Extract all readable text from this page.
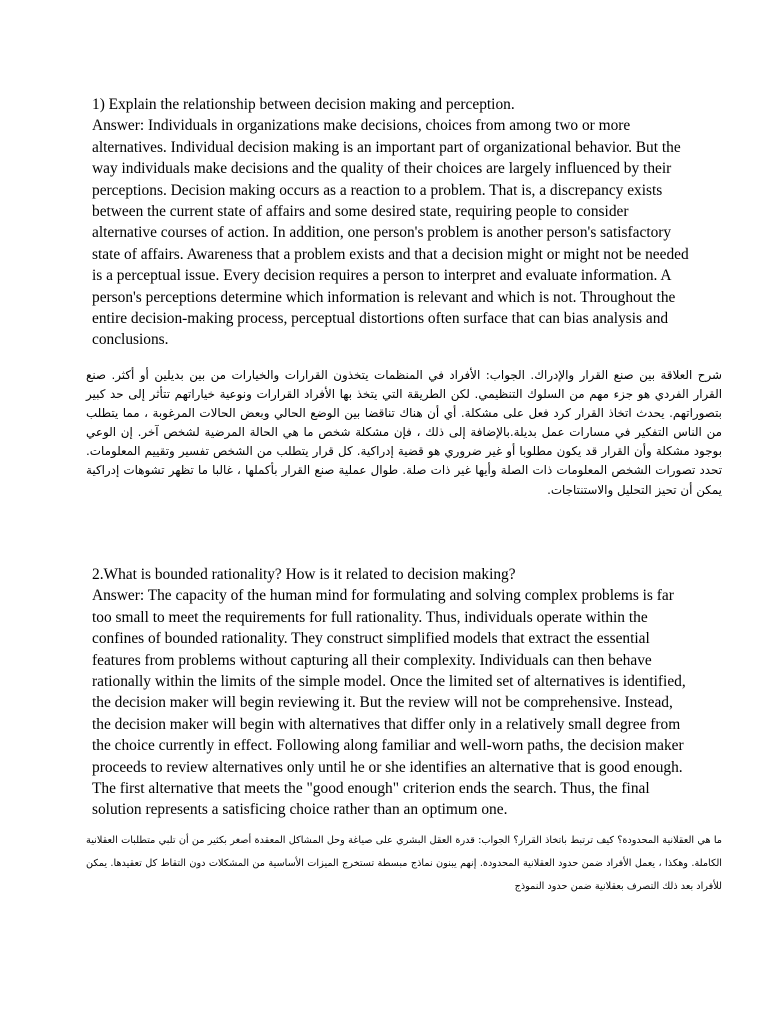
1) Explain the relationship between decision making and perception.

Answer: Individuals in organizations make decisions, choices from among two or more alternatives. Individual decision making is an important part of organizational behavior. But the way individuals make decisions and the quality of their choices are largely influenced by their perceptions. Decision making occurs as a reaction to a problem. That is, a discrepancy exists between the current state of affairs and some desired state, requiring people to consider alternative courses of action. In addition, one person's problem is another person's satisfactory state of affairs. Awareness that a problem exists and that a decision might or might not be needed is a perceptual issue. Every decision requires a person to interpret and evaluate information. A person's perceptions determine which information is relevant and which is not. Throughout the entire decision-making process, perceptual distortions often surface that can bias analysis and conclusions.

شرح العلاقة بين صنع القرار والإدراك. الجواب: الأفراد في المنظمات يتخذون القرارات والخيارات من بين بديلين أو أكثر. صنع القرار الفردي هو جزء مهم من السلوك التنظيمي. لكن الطريقة التي يتخذ بها الأفراد القرارات ونوعية خياراتهم تتأثر إلى حد كبير بتصوراتهم. يحدث اتخاذ القرار كرد فعل على مشكلة. أي أن هناك تناقضا بين الوضع الحالي وبعض الحالات المرغوبة ، مما يتطلب من الناس التفكير في مسارات عمل بديلة.بالإضافة إلى ذلك ، فإن مشكلة شخص ما هي الحالة المرضية لشخص آخر. إن الوعي بوجود مشكلة وأن القرار قد يكون مطلوبا أو غير ضروري هو قضية إدراكية. كل قرار يتطلب من الشخص تفسير وتقييم المعلومات. تحدد تصورات الشخص المعلومات ذات الصلة وأيها غير ذات صلة. طوال عملية صنع القرار بأكملها ، غالبا ما تظهر تشوهات إدراكية يمكن أن تحيز التحليل والاستنتاجات.

2.What is bounded rationality? How is it related to decision making?

Answer: The capacity of the human mind for formulating and solving complex problems is far too small to meet the requirements for full rationality. Thus, individuals operate within the confines of bounded rationality. They construct simplified models that extract the essential features from problems without capturing all their complexity. Individuals can then behave rationally within the limits of the simple model. Once the limited set of alternatives is identified, the decision maker will begin reviewing it. But the review will not be comprehensive. Instead, the decision maker will begin with alternatives that differ only in a relatively small degree from the choice currently in effect. Following along familiar and well-worn paths, the decision maker proceeds to review alternatives only until he or she identifies an alternative that is good enough. The first alternative that meets the "good enough" criterion ends the search. Thus, the final solution represents a satisficing choice rather than an optimum one.

ما هي العقلانية المحدودة؟ كيف ترتبط باتخاذ القرار؟ الجواب: قدرة العقل البشري على صياغة وحل المشاكل المعقدة أصغر بكثير من أن تلبي متطلبات العقلانية الكاملة. وهكذا ، يعمل الأفراد ضمن حدود العقلانية المحدودة. إنهم يبنون نماذج مبسطة تستخرج الميزات الأساسية من المشكلات دون التقاط كل تعقيدها. يمكن للأفراد بعد ذلك التصرف بعقلانية ضمن حدود النموذج
